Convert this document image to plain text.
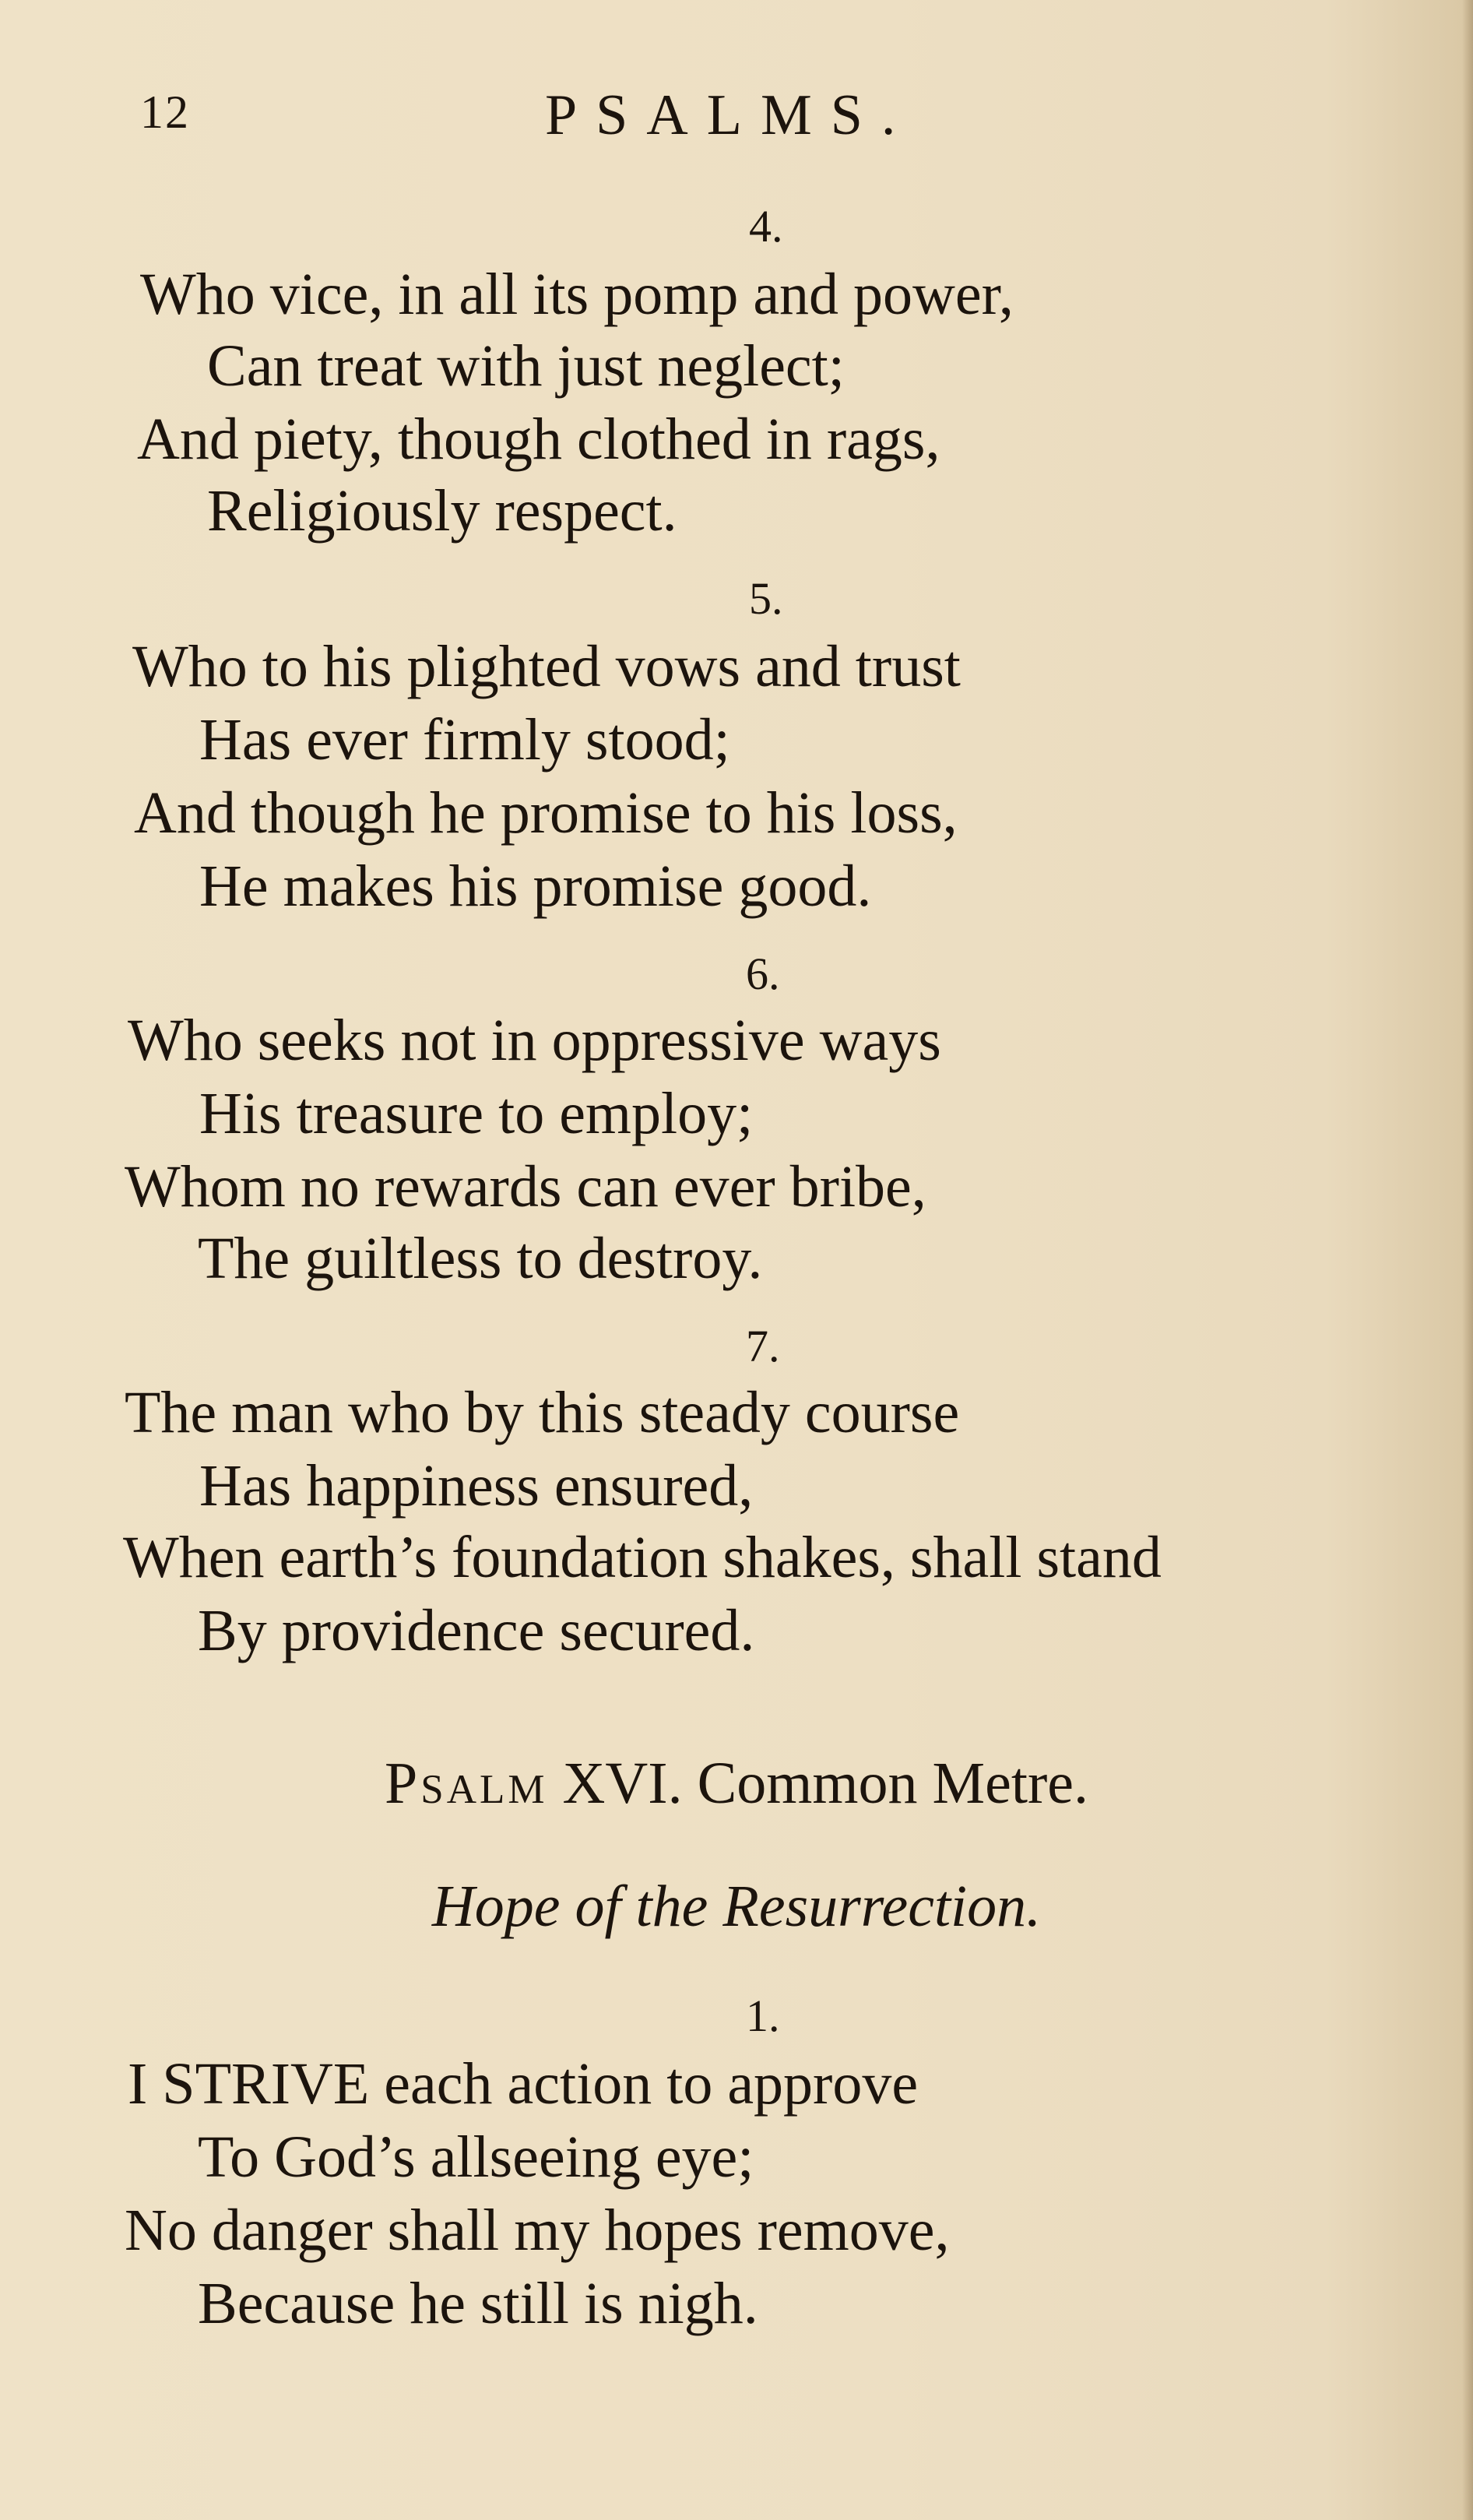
12	PSALMS.
4.
Who vice, in all its pomp and power,
Can treat with just neglect;
And piety, though clothed in rags,
Religiously respect.
5.
Who to his plighted vows and trust
Has ever firmly stood;
And though he promise to his loss,
He makes his promise good.
6.
Who seeks not in oppressive ways
His treasure to employ;
Whom no rewards can ever bribe,
The guiltless to destroy.
7.
The man who by this steady course
Has happiness ensured,
When earth’s foundation shakes, shall stand
By providence secured.
Psalm XVI. Common Metre.
Hope of the Resurrection.
1.
I STRIVE each action to approve
To God’s allseeing eye;
No danger shall my hopes remove,
Because he still is nigh.
